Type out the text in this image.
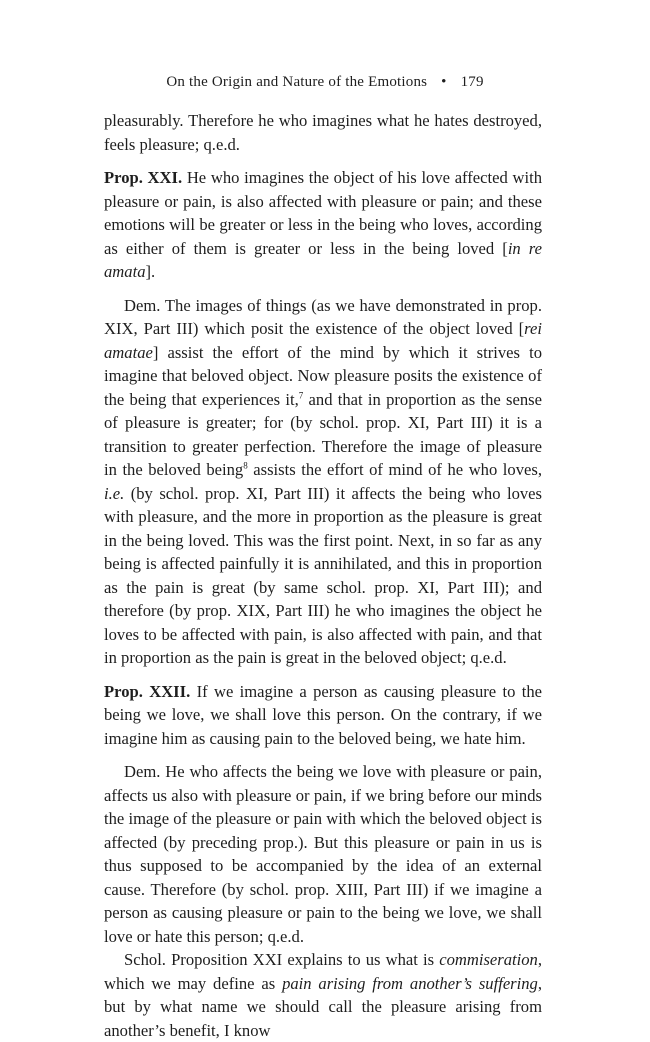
On the Origin and Nature of the Emotions • 179

pleasurably. Therefore he who imagines what he hates destroyed, feels pleasure; q.e.d.

Prop. XXI. He who imagines the object of his love affected with pleasure or pain, is also affected with pleasure or pain; and these emotions will be greater or less in the being who loves, according as either of them is greater or less in the being loved [in re amata].

Dem. The images of things (as we have demonstrated in prop. XIX, Part III) which posit the existence of the object loved [rei amatae] assist the effort of the mind by which it strives to imagine that beloved object. Now pleasure posits the existence of the being that experiences it,$^7$ and that in proportion as the sense of pleasure is greater; for (by schol. prop. XI, Part III) it is a transition to greater perfection. Therefore the image of pleasure in the beloved being$^8$ assists the effort of mind of he who loves, i.e. (by schol. prop. XI, Part III) it affects the being who loves with pleasure, and the more in proportion as the pleasure is great in the being loved. This was the first point. Next, in so far as any being is affected painfully it is annihilated, and this in proportion as the pain is great (by same schol. prop. XI, Part III); and therefore (by prop. XIX, Part III) he who imagines the object he loves to be affected with pain, is also affected with pain, and that in proportion as the pain is great in the beloved object; q.e.d.

Prop. XXII. If we imagine a person as causing pleasure to the being we love, we shall love this person. On the contrary, if we imagine him as causing pain to the beloved being, we hate him.

Dem. He who affects the being we love with pleasure or pain, affects us also with pleasure or pain, if we bring before our minds the image of the pleasure or pain with which the beloved object is affected (by preceding prop.). But this pleasure or pain in us is thus supposed to be accompanied by the idea of an external cause. Therefore (by schol. prop. XIII, Part III) if we imagine a person as causing pleasure or pain to the being we love, we shall love or hate this person; q.e.d.

Schol. Proposition XXI explains to us what is commiseration, which we may define as pain arising from another’s suffering, but by what name we should call the pleasure arising from another’s benefit, I know
